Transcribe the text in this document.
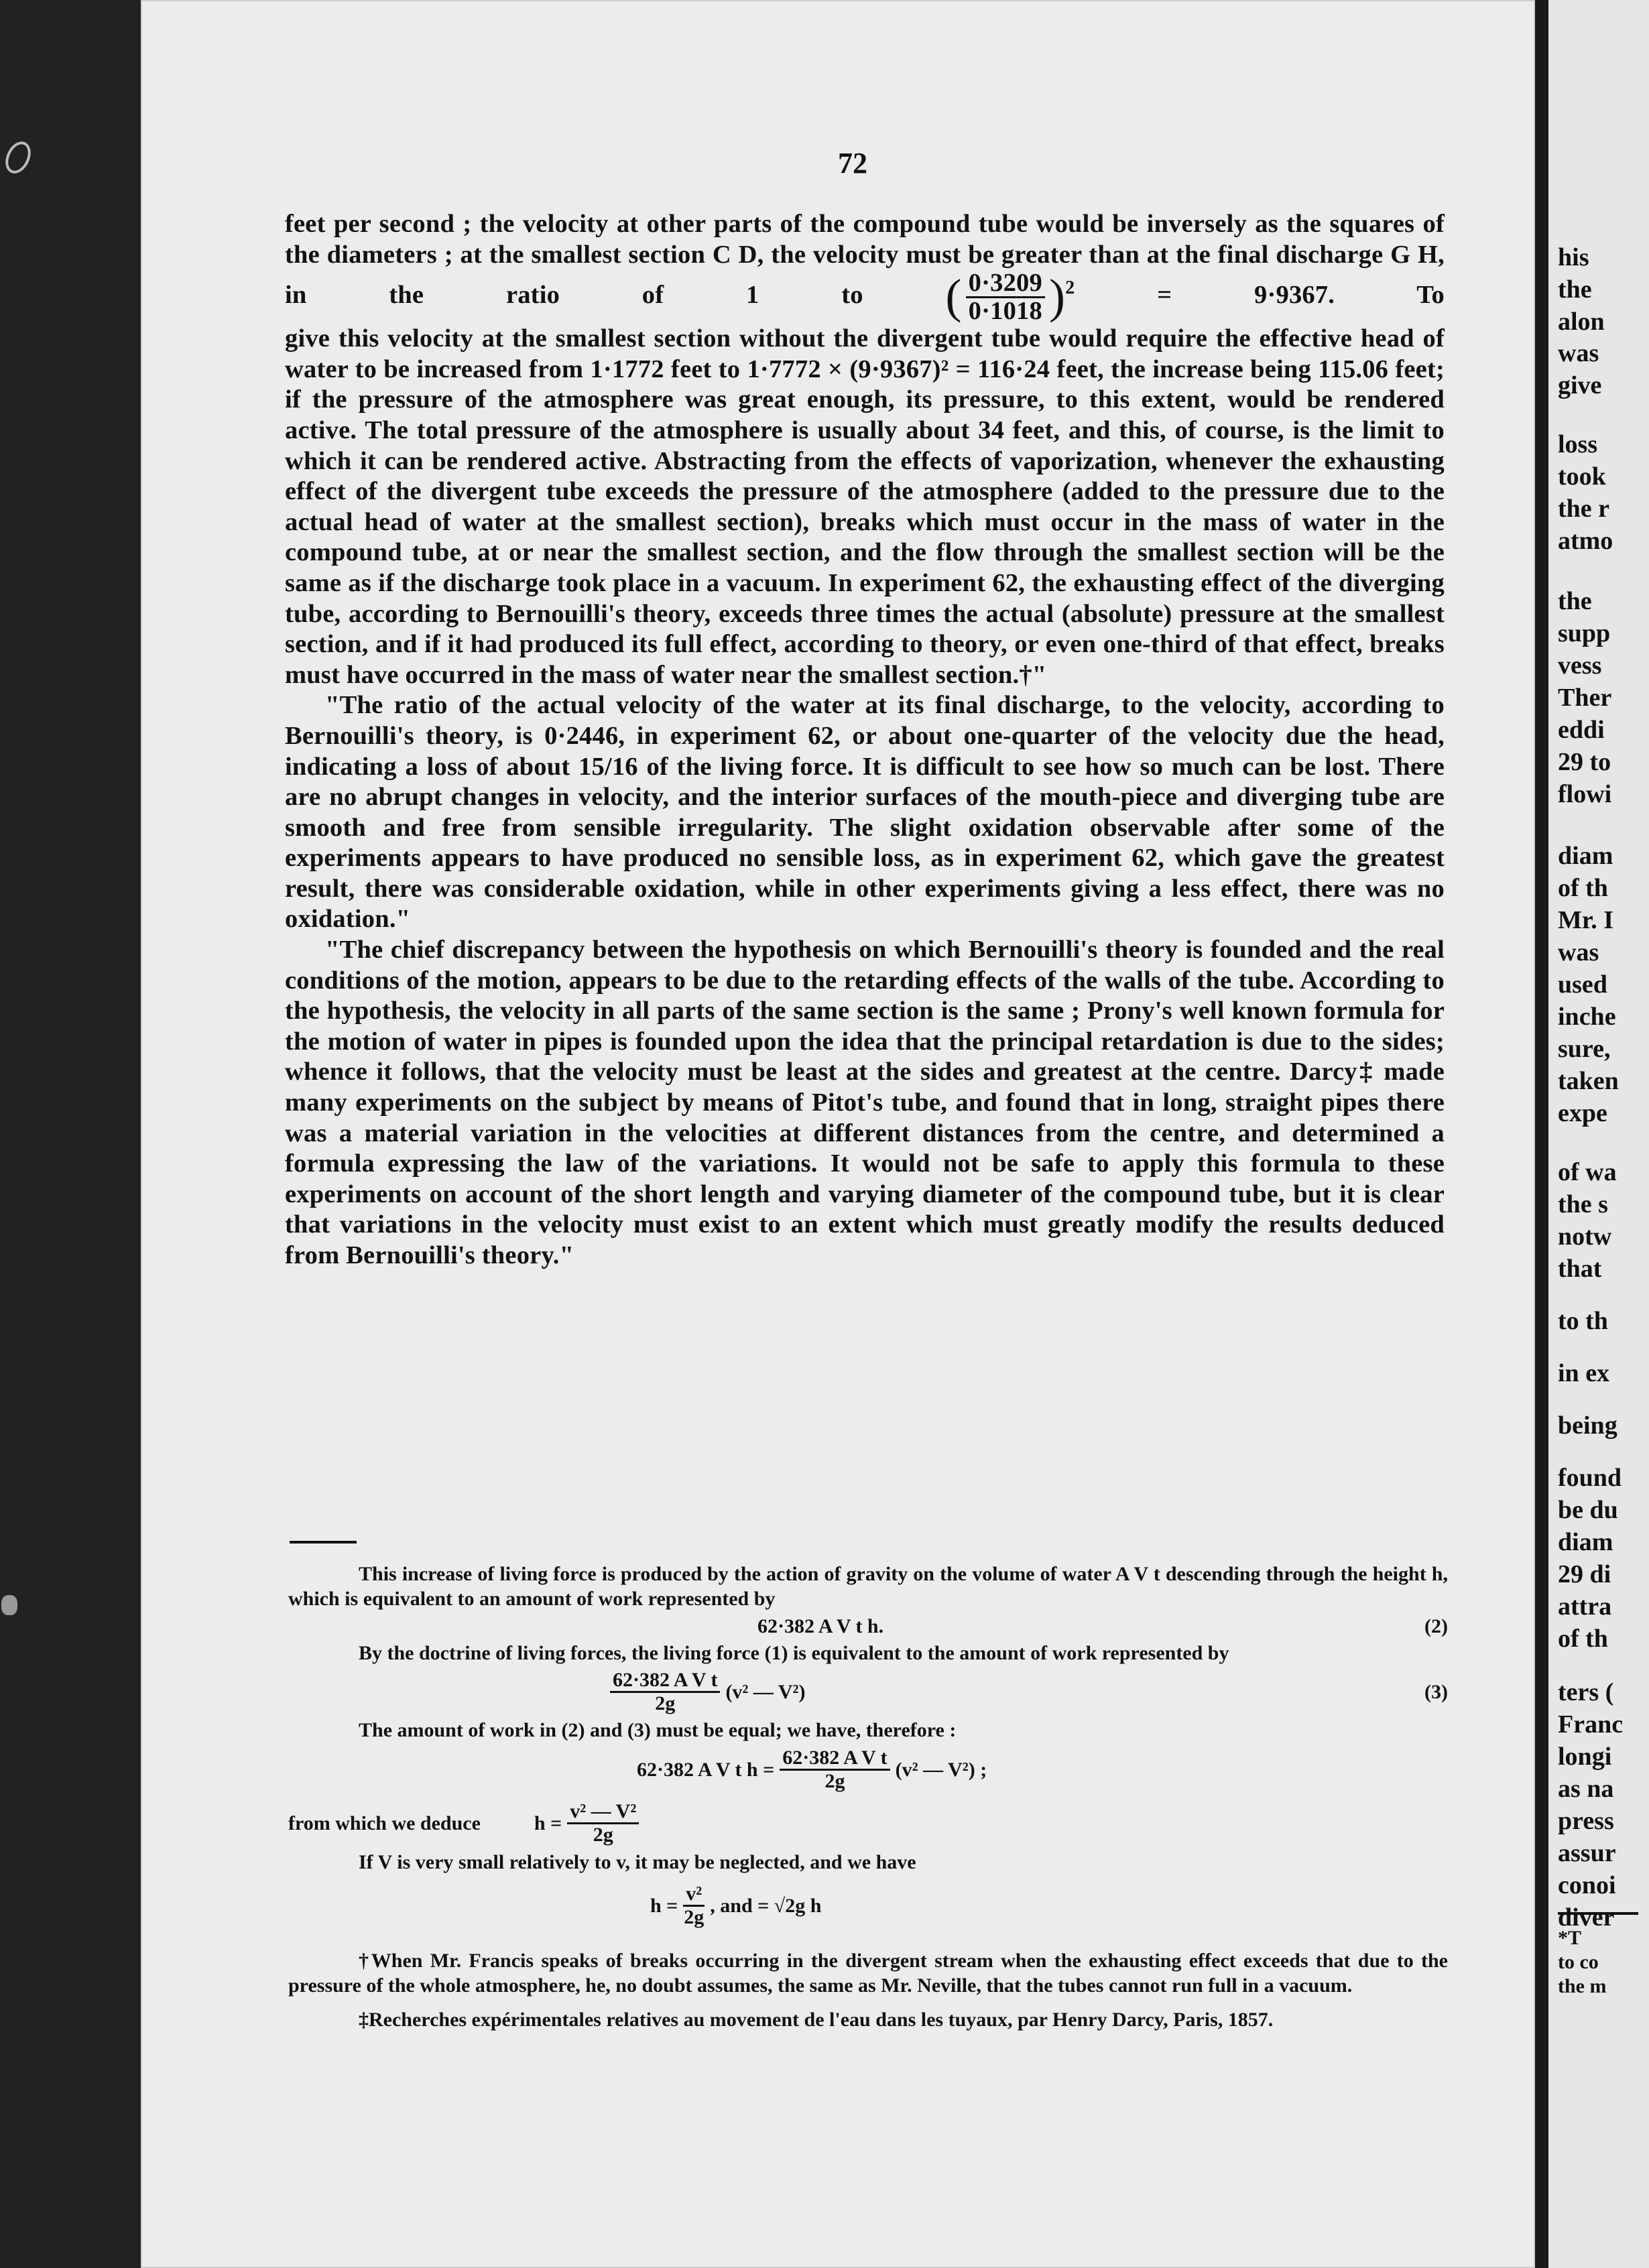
72

feet per second ; the velocity at other parts of the compound tube would be inversely as the squares of the diameters ; at the smallest section C D, the velocity must be greater than at the final discharge G H, in the ratio of 1 to ( $\frac{0\cdot 3209}{0\cdot 1018} )^2$	= 9·9367. To

give this velocity at the smallest section without the divergent tube would require the effective head of water to be increased from 1·1772 feet to 1·7772 × (9·9367)² = 116·24 feet, the increase being 115.06 feet; if the pressure of the atmosphere was great enough, its pressure, to this extent, would be rendered active. The total pressure of the atmosphere is usually about 34 feet, and this, of course, is the limit to which it can be rendered active. Abstracting from the effects of vaporization, whenever the exhausting effect of the divergent tube exceeds the pressure of the atmosphere (added to the pressure due to the actual head of water at the smallest section), breaks which must occur in the mass of water in the compound tube, at or near the smallest section, and the flow through the smallest section will be the same as if the discharge took place in a vacuum. In experiment 62, the exhausting effect of the diverging tube, according to Bernouilli's theory, exceeds three times the actual (absolute) pressure at the smallest section, and if it had produced its full effect, according to theory, or even one-third of that effect, breaks must have occurred in the mass of water near the smallest section.†"

"The ratio of the actual velocity of the water at its final discharge, to the velocity, according to Bernouilli's theory, is 0·2446, in experiment 62, or about one-quarter of the velocity due the head, indicating a loss of about 15/16 of the living force. It is difficult to see how so much can be lost. There are no abrupt changes in velocity, and the interior surfaces of the mouth-piece and diverging tube are smooth and free from sensible irregularity. The slight oxidation observable after some of the experiments appears to have produced no sensible loss, as in experiment 62, which gave the greatest result, there was considerable oxidation, while in other experiments giving a less effect, there was no oxidation."

"The chief discrepancy between the hypothesis on which Bernouilli's theory is founded and the real conditions of the motion, appears to be due to the retarding effects of the walls of the tube. According to the hypothesis, the velocity in all parts of the same section is the same ; Prony's well known formula for the motion of water in pipes is founded upon the idea that the principal retardation is due to the sides; whence it follows, that the velocity must be least at the sides and greatest at the centre. Darcy‡ made many experiments on the subject by means of Pitot's tube, and found that in long, straight pipes there was a material variation in the velocities at different distances from the centre, and determined a formula expressing the law of the variations. It would not be safe to apply this formula to these experiments on account of the short length and varying diameter of the compound tube, but it is clear that variations in the velocity must exist to an extent which must greatly modify the results deduced from Bernouilli's theory."

This increase of living force is produced by the action of gravity on the volume of water A V t descending through the height h, which is equivalent to an amount of work represented by

62·382 A V t h.	(2)

By the doctrine of living forces, the living force (1) is equivalent to the amount of work represented by

$\frac{\text{62·382 A V t}}{2g} (v^2$ — V²)	(3)

The amount of work in (2) and (3) must be equal; we have, therefore :

62·382 A V t $h = \frac{\text{62·382 A V t}}{2g} (v^2$ — V²) ;
from which we deduce	$h = \frac{\text{v² — V²}}{2g}$

If V is very small relatively to v, it may be neglected, and we have

$h = \frac{\text{v²}}{2g}$ , and = √2g h

†When Mr. Francis speaks of breaks occurring in the divergent stream when the exhausting effect exceeds that due to the pressure of the whole atmosphere, he, no doubt assumes, the same as Mr. Neville, that the tubes cannot run full in a vacuum.

‡Recherches expérimentales relatives au movement de l'eau dans les tuyaux, par Henry Darcy, Paris, 1857.

his
the
alon
was
give
loss
took
the r
atmo
the
supp
vess
Ther
eddi
29 to
flowi
diam
of th
Mr. I
was
used
inche
sure,
taken
expe
of wa
the s
notw
that
to th
in ex
being
found
be du
diam
29 di
attra
of th
ters (
Franc
longi
as na
press
assur
conoi
diver
*T
to co
the m
